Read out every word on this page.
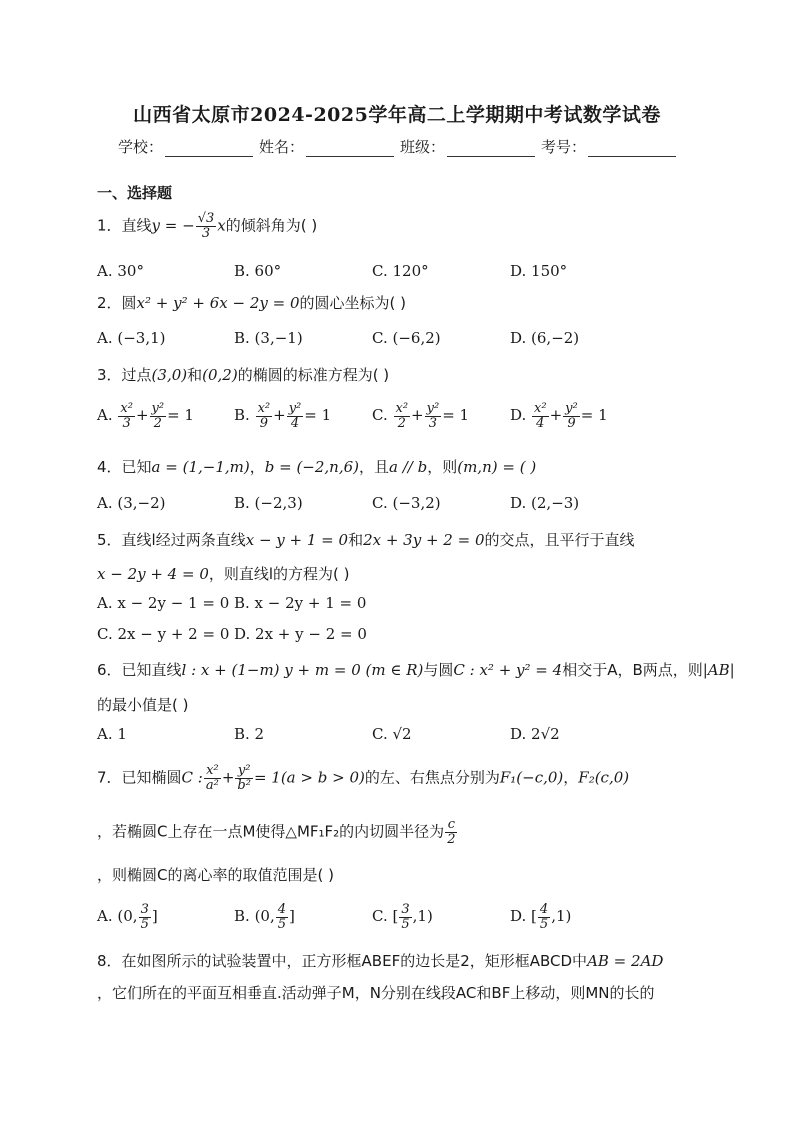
山西省太原市2024-2025学年高二上学期期中考试数学试卷
学校：	姓名：	班级：	考号：
一、选择题
1．直线y = − $\frac{√3}{3}$ x的倾斜角为( )
A. 30°	B. 60°	C. 120°	D. 150°
2．圆x² + y² + 6x − 2y = 0的圆心坐标为( )
A. (−3,1)	B. (3,−1)	C. (−6,2)	D. (6,−2)
3．过点(3,0)和(0,2)的椭圆的标准方程为( )
A. $\frac{\text{x²}}{3} + \frac{\text{y²}}{2} = 1$	B. $\frac{\text{x²}}{9} + \frac{\text{y²}}{4} = 1$	C. $\frac{\text{x²}}{2} + \frac{\text{y²}}{3} = 1$	D. $\frac{\text{x²}}{4} + \frac{\text{y²}}{9} = 1$
4．已知a = (1,−1,m)，b = (−2,n,6)，且a // b，则(m,n) = ( )
A. (3,−2)	B. (−2,3)	C. (−3,2)	D. (2,−3)
5．直线l经过两条直线x − y + 1 = 0和2x + 3y + 2 = 0的交点，且平行于直线
x − 2y + 4 = 0，则直线l的方程为( )
A. x − 2y − 1 = 0 B. x − 2y + 1 = 0
C. 2x − y + 2 = 0 D. 2x + y − 2 = 0
6．已知直线l : x + (1−m) y + m = 0 (m ∈ R)与圆C : x² + y² = 4相交于A，B两点，则|AB|
的最小值是( )
A. 1	B. 2	C. √2	D. 2√2
7．已知椭圆C : $\frac{\text{x²}}{\text{a²}} + \frac{\text{y²}}{\text{b²}} = 1(a > b > 0)$的左、右焦点分别为F₁(−c,0)，F₂(c,0)
，若椭圆C上存在一点M使得△MF₁F₂的内切圆半径为 $\frac{c}{2}$
，则椭圆C的离心率的取值范围是( )
A. (0, $\frac{3}{5}$ ]	B. (0, $\frac{4}{5}$ ]	C. [ $\frac{3}{5} ,1$)	D. [ $\frac{4}{5} ,1$)
8．在如图所示的试验装置中，正方形框ABEF的边长是2，矩形框ABCD中AB = 2AD
，它们所在的平面互相垂直.活动弹子M，N分别在线段AC和BF上移动，则MN的长的
